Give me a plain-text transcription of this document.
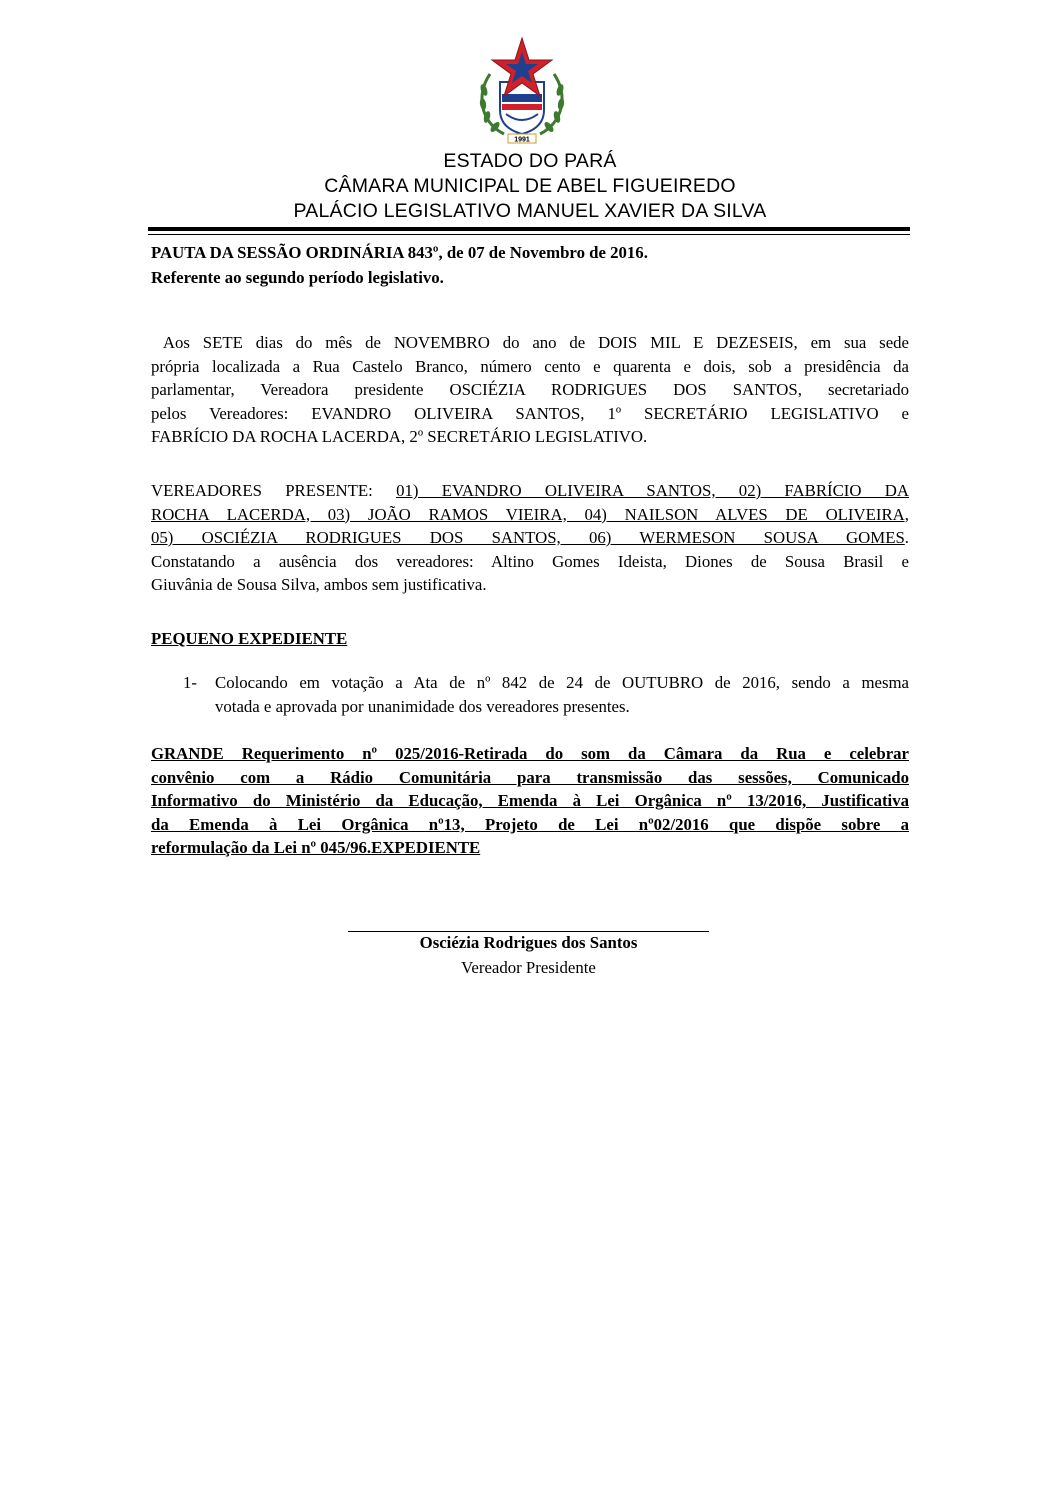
1991
ESTADO DO PARÁ
CÂMARA MUNICIPAL DE ABEL FIGUEIREDO
PALÁCIO LEGISLATIVO MANUEL XAVIER DA SILVA
PAUTA DA SESSÃO ORDINÁRIA 843º, de 07 de Novembro de 2016.
Referente ao segundo período legislativo.
Aos SETE dias do mês de NOVEMBRO do ano de DOIS MIL E DEZESEIS, em sua sede
própria localizada a Rua Castelo Branco, número cento e quarenta e dois, sob a presidência da
parlamentar, Vereadora presidente OSCIÉZIA RODRIGUES DOS SANTOS, secretariado
pelos Vereadores: EVANDRO OLIVEIRA SANTOS, 1º SECRETÁRIO LEGISLATIVO e
FABRÍCIO DA ROCHA LACERDA, 2º SECRETÁRIO LEGISLATIVO.
VEREADORES PRESENTE: 01) EVANDRO OLIVEIRA SANTOS, 02) FABRÍCIO DA
ROCHA LACERDA, 03) JOÃO RAMOS VIEIRA, 04) NAILSON ALVES DE OLIVEIRA,
05) OSCIÉZIA RODRIGUES DOS SANTOS, 06) WERMESON SOUSA GOMES.
Constatando a ausência dos vereadores: Altino Gomes Ideista, Diones de Sousa Brasil e
Giuvânia de Sousa Silva, ambos sem justificativa.
PEQUENO EXPEDIENTE
1- Colocando em votação a Ata de nº 842 de 24 de OUTUBRO de 2016, sendo a mesma
votada e aprovada por unanimidade dos vereadores presentes.
GRANDE Requerimento nº 025/2016-Retirada do som da Câmara da Rua e celebrar
convênio com a Rádio Comunitária para transmissão das sessões, Comunicado
Informativo do Ministério da Educação, Emenda à Lei Orgânica nº 13/2016, Justificativa
da Emenda à Lei Orgânica nº13, Projeto de Lei nº02/2016 que dispõe sobre a
reformulação da Lei nº 045/96.EXPEDIENTE
Osciézia Rodrigues dos Santos
Vereador Presidente
